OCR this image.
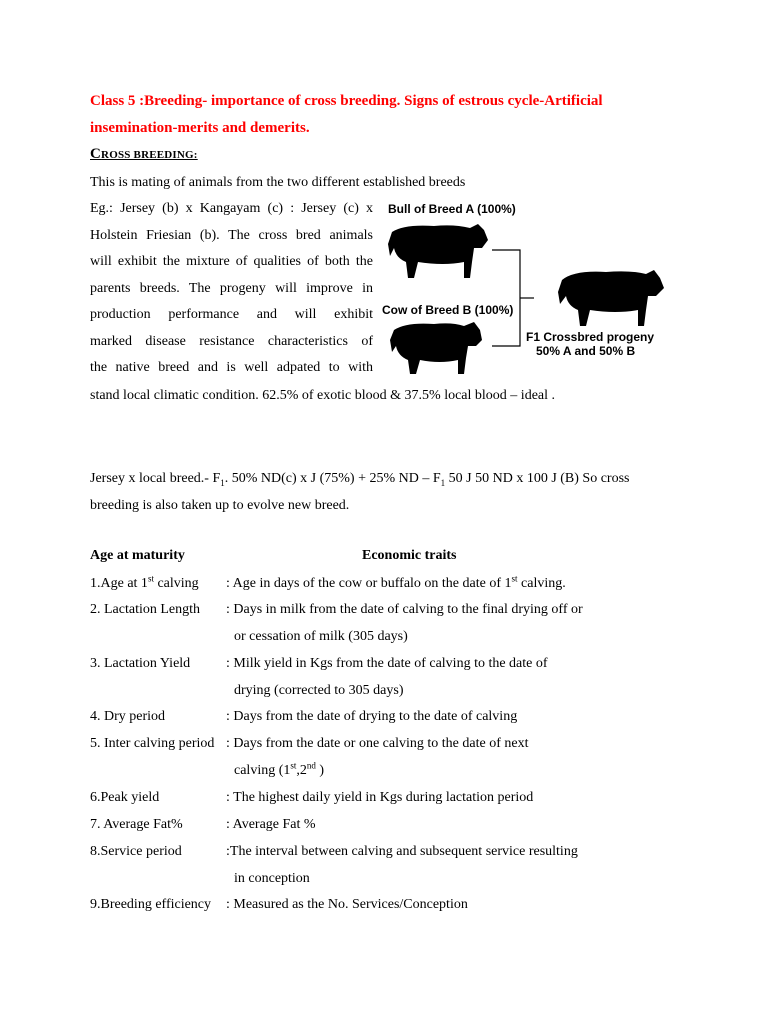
Class 5 :Breeding- importance of cross breeding. Signs of estrous cycle-Artificial
insemination-merits and demerits.
CROSS BREEDING:
This is mating of animals from the two different established breeds
Eg.: Jersey (b) x Kangayam (c) : Jersey (c) x
Holstein Friesian (b). The cross bred animals
will exhibit the mixture of qualities of both the
parents breeds. The progeny will improve in
production performance and will exhibit
marked disease resistance characteristics of
the native breed and is well adpated to with
stand local climatic condition. 62.5% of exotic blood & 37.5% local blood – ideal .
Bull of Breed A (100%)
Cow of Breed B (100%)
F1 Crossbred progeny
50% A and 50% B
Jersey x local breed.- $F_1$. 50% ND(c) x J (75%) + 25% ND – $F_1$ 50 J 50 ND x 100 J (B) So cross
breeding is also taken up to evolve new breed.
Age at maturity	Economic traits
1.Age at 1st calving : Age in days of the cow or buffalo on the date of 1st calving.
2. Lactation Length : Days in milk from the date of calving to the final drying off or
or cessation of milk (305 days)
3. Lactation Yield	: Milk yield in Kgs from the date of calving to the date of
drying (corrected to 305 days)
4. Dry period	: Days from the date of drying to the date of calving
5. Inter calving period : Days from the date or one calving to the date of next
calving (1st,2nd )
6.Peak yield	: The highest daily yield in Kgs during lactation period
7. Average Fat%	: Average Fat %
8.Service period	:The interval between calving and subsequent service resulting
in conception
9.Breeding efficiency : Measured as the No. Services/Conception
